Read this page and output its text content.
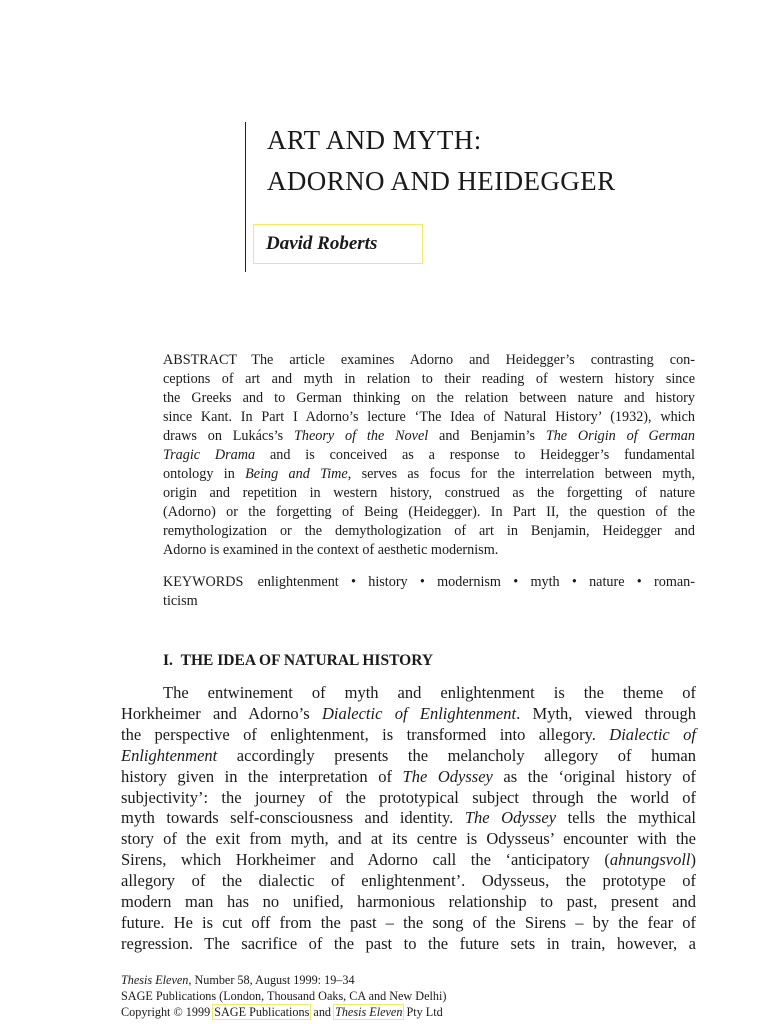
ART AND MYTH:
ADORNO AND HEIDEGGER
David Roberts
ABSTRACT The article examines Adorno and Heidegger’s contrasting con-
ceptions of art and myth in relation to their reading of western history since
the Greeks and to German thinking on the relation between nature and history
since Kant. In Part I Adorno’s lecture ‘The Idea of Natural History’ (1932), which
draws on Lukács’s Theory of the Novel and Benjamin’s The Origin of German
Tragic Drama and is conceived as a response to Heidegger’s fundamental
ontology in Being and Time, serves as focus for the interrelation between myth,
origin and repetition in western history, construed as the forgetting of nature
(Adorno) or the forgetting of Being (Heidegger). In Part II, the question of the
remythologization or the demythologization of art in Benjamin, Heidegger and
Adorno is examined in the context of aesthetic modernism.
KEYWORDS enlightenment • history • modernism • myth • nature • roman-
ticism
I. THE IDEA OF NATURAL HISTORY
The entwinement of myth and enlightenment is the theme of
Horkheimer and Adorno’s Dialectic of Enlightenment. Myth, viewed through
the perspective of enlightenment, is transformed into allegory. Dialectic of
Enlightenment accordingly presents the melancholy allegory of human
history given in the interpretation of The Odyssey as the ‘original history of
subjectivity’: the journey of the prototypical subject through the world of
myth towards self-consciousness and identity. The Odyssey tells the mythical
story of the exit from myth, and at its centre is Odysseus’ encounter with the
Sirens, which Horkheimer and Adorno call the ‘anticipatory (ahnungsvoll)
allegory of the dialectic of enlightenment’. Odysseus, the prototype of
modern man has no unified, harmonious relationship to past, present and
future. He is cut off from the past – the song of the Sirens – by the fear of
regression. The sacrifice of the past to the future sets in train, however, a
Thesis Eleven, Number 58, August 1999: 19–34
SAGE Publications (London, Thousand Oaks, CA and New Delhi)
Copyright © 1999 SAGE Publications and Thesis Eleven Pty Ltd
